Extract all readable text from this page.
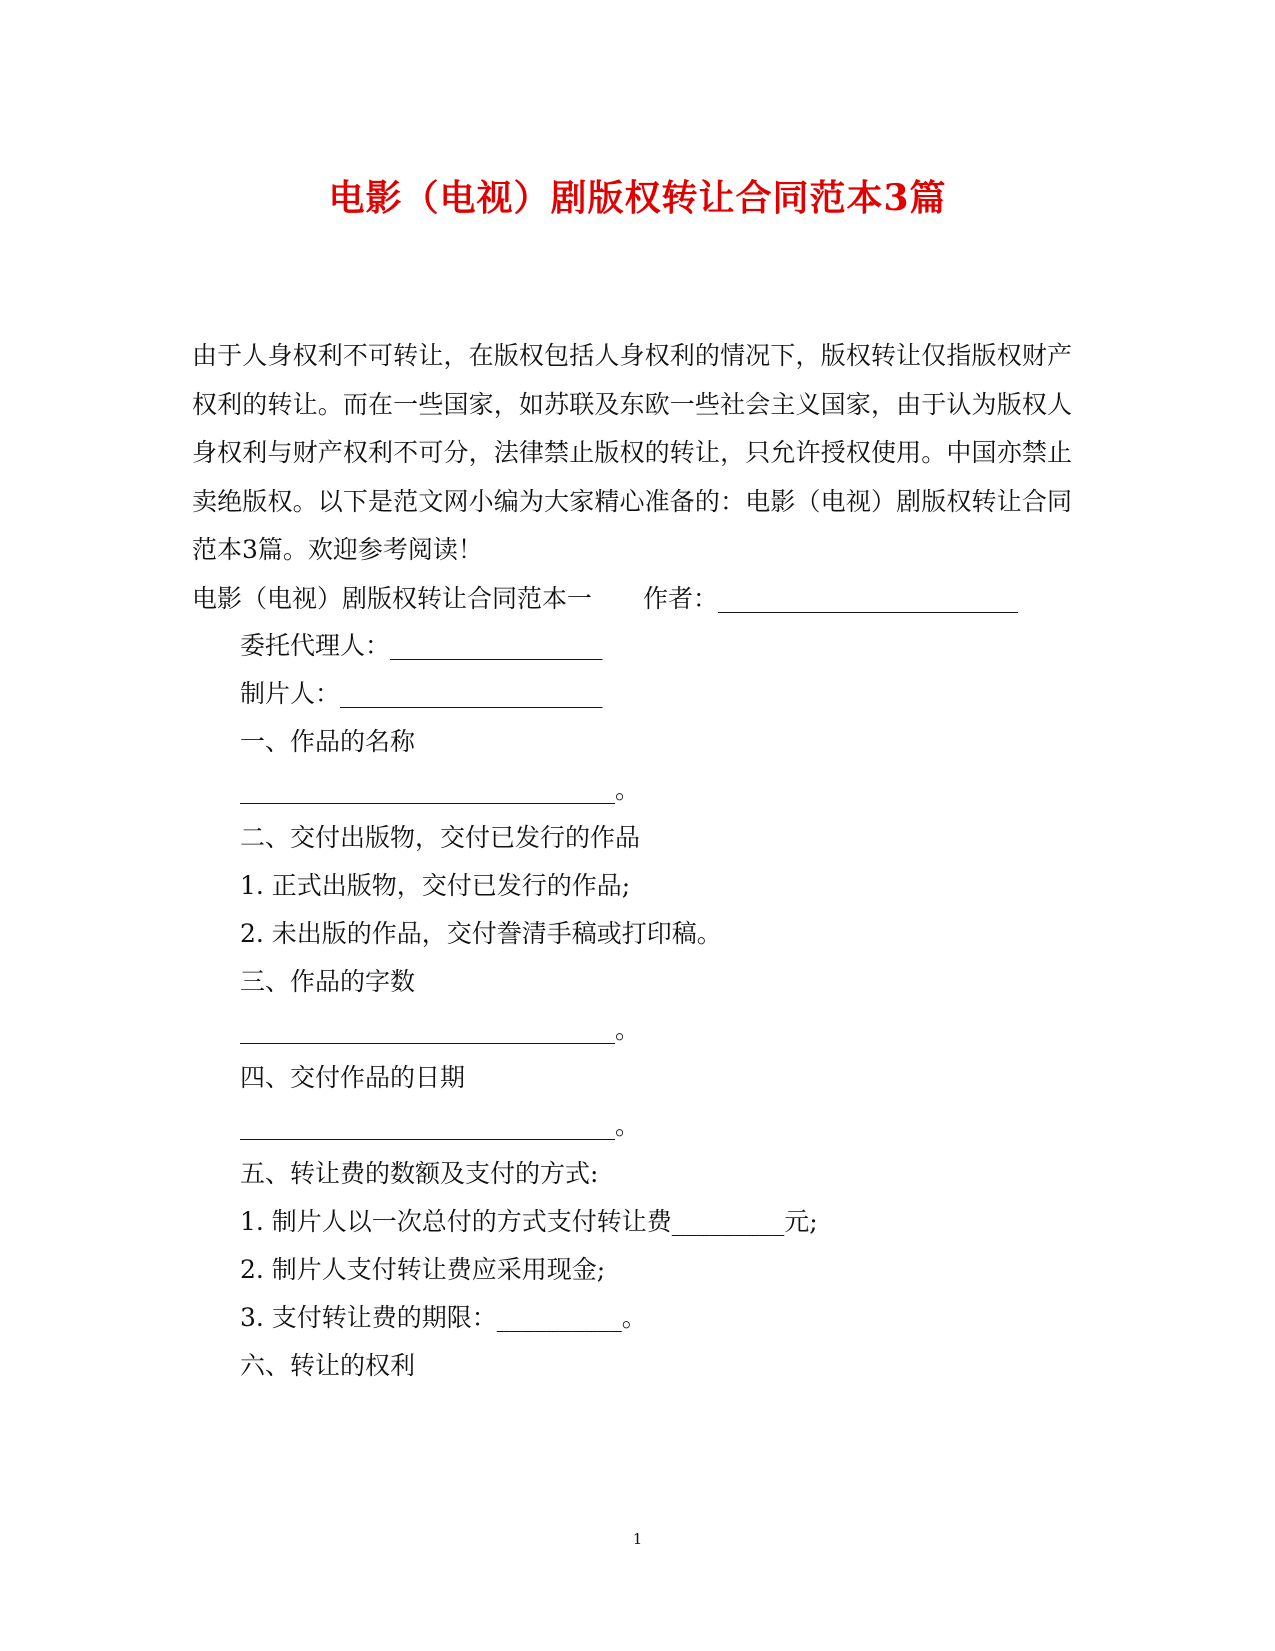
电影（电视）剧版权转让合同范本3篇

由于人身权利不可转让，在版权包括人身权利的情况下，版权转让仅指版权财产权利的转让。而在一些国家，如苏联及东欧一些社会主义国家，由于认为版权人身权利与财产权利不可分，法律禁止版权的转让，只允许授权使用。中国亦禁止卖绝版权。以下是范文网小编为大家精心准备的：电影（电视）剧版权转让合同范本3篇。欢迎参考阅读！

电影（电视）剧版权转让合同范本一 作者：________________________
委托代理人：_________________
制片人：_____________________
一、作品的名称
______________________________。
二、交付出版物，交付已发行的作品
1. 正式出版物，交付已发行的作品;
2. 未出版的作品，交付誊清手稿或打印稿。
三、作品的字数
______________________________。
四、交付作品的日期
______________________________。
五、转让费的数额及支付的方式:
1. 制片人以一次总付的方式支付转让费_________元;
2. 制片人支付转让费应采用现金;
3. 支付转让费的期限：__________。
六、转让的权利
1
